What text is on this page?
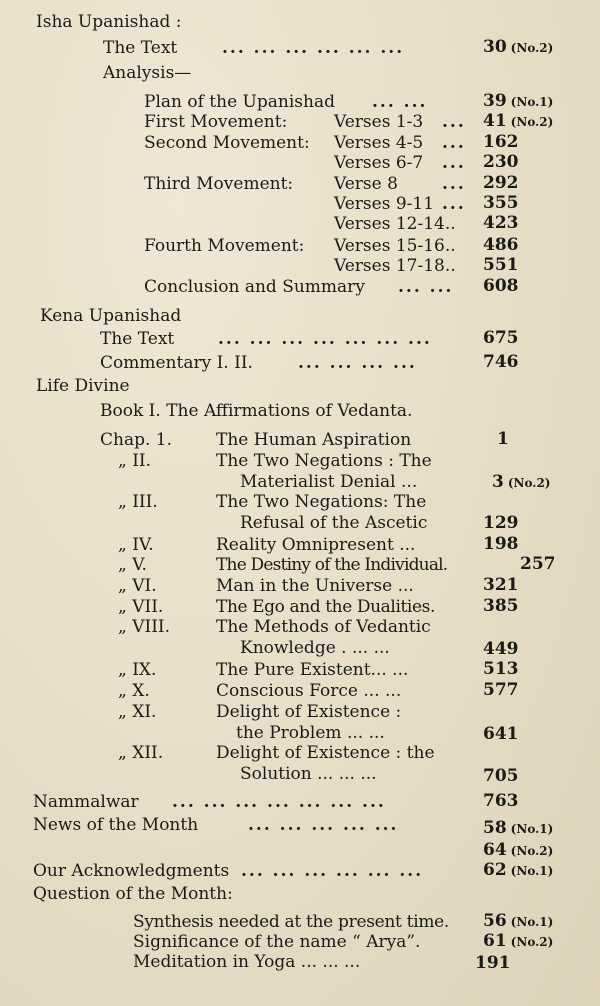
Isha Upanishad :
The Text	... ... ... ... ... ...	30 (No.2)
Analysis—
Plan of the Upanishad ... ...	39 (No.1)
First Movement:	Verses 1-3 ... 41 (No.2)
Second Movement: Verses 4-5 ... 162
Verses 6-7 ... 230
Third Movement: Verse 8	... 292
Verses 9-11 ... 355
Verses 12-14.. 423
Fourth Movement: Verses 15-16.. 486
Verses 17-18.. 551
Conclusion and Summary ... ... 608
Kena Upanishad
The Text	... ... ... ... ... ... ...	675
Commentary I. II.	... ... ... ...	746
Life Divine
Book I. The Affirmations of Vedanta.
Chap. 1.	The Human Aspiration	1
„ II.	The Two Negations : The
Materialist Denial ...	3 (No.2)
„ III.	The Two Negations: The
Refusal of the Ascetic	129
„ IV.	Reality Omnipresent ...	198
„ V.	The Destiny of the Individual.	257
„ VI.	Man in the Universe ...	321
„ VII.	The Ego and the Dualities.	385
„ VIII.	The Methods of Vedantic
Knowledge . ... ...	449
„ IX.	The Pure Existent... ...	513
„ X.	Conscious Force ... ...	577
„ XI.	Delight of Existence :
the Problem ... ...	641
„ XII.	Delight of Existence : the
Solution ... ... ...	705
Nammalwar ... ... ... ... ... ... ...	763
News of the Month	... ... ... ... ...	58 (No.1)
64 (No.2)
Our Acknowledgments ... ... ... ... ... ...	62 (No.1)
Question of the Month:
Synthesis needed at the present time. 56 (No.1)
Significance of the name “ Arya”.	61 (No.2)
Meditation in Yoga ... ... ...	191
